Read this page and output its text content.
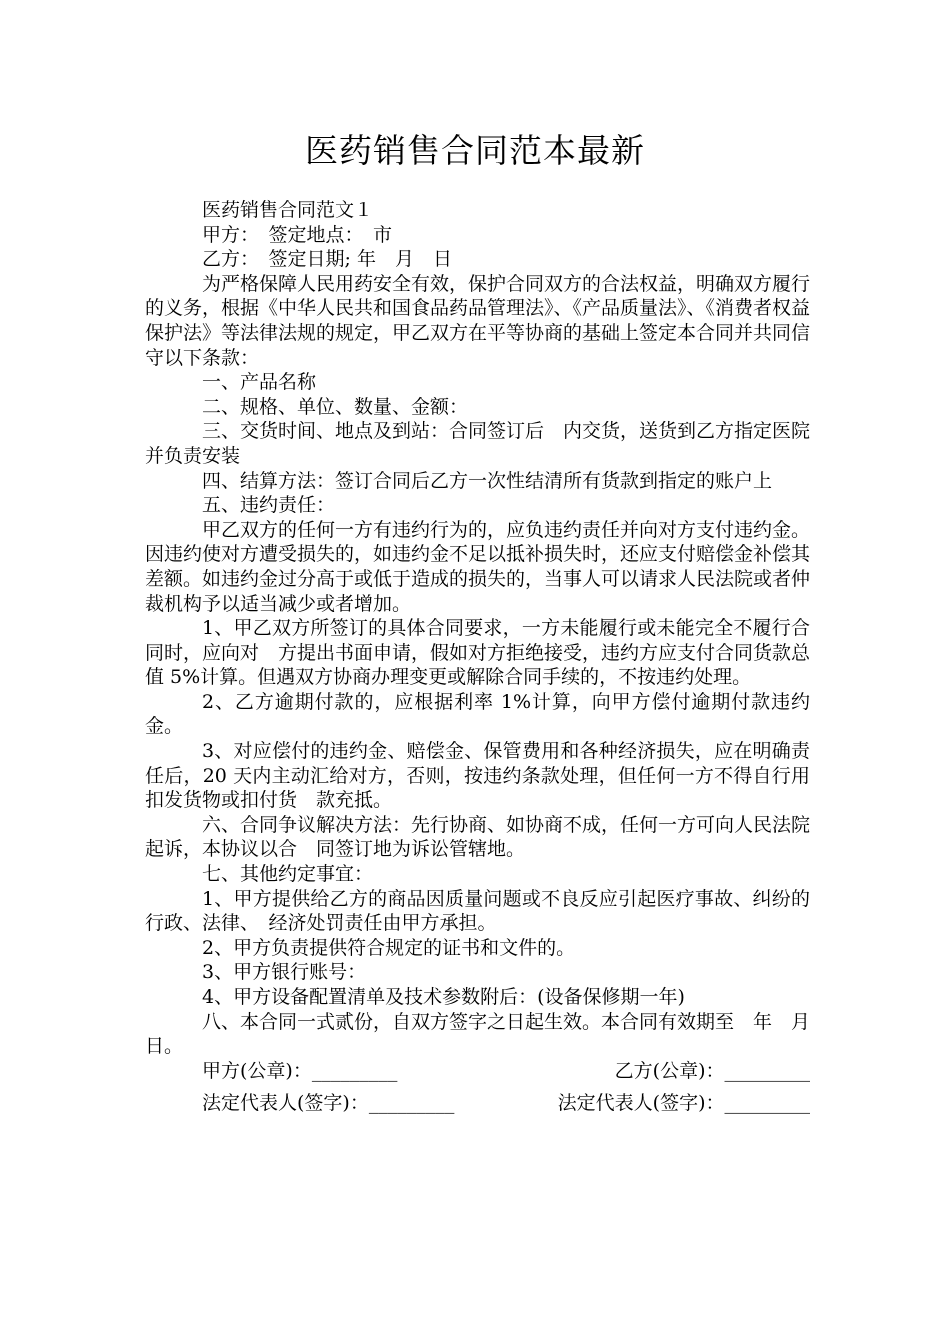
医药销售合同范本最新

医药销售合同范文１

甲方：　签定地点：　市

乙方：　签定日期; 年　月　日

为严格保障人民用药安全有效，保护合同双方的合法权益，明确双方履行的义务，根据《中华人民共和国食品药品管理法》、《产品质量法》、《消费者权益保护法》等法律法规的规定，甲乙双方在平等协商的基础上签定本合同并共同信守以下条款：

一、产品名称

二、规格、单位、数量、金额：

三、交货时间、地点及到站：合同签订后　内交货，送货到乙方指定医院并负责安装

四、结算方法：签订合同后乙方一次性结清所有货款到指定的账户上

五、违约责任：

甲乙双方的任何一方有违约行为的，应负违约责任并向对方支付违约金。因违约使对方遭受损失的，如违约金不足以抵补损失时，还应支付赔偿金补偿其差额。如违约金过分高于或低于造成的损失的，当事人可以请求人民法院或者仲裁机构予以适当减少或者增加。

1、甲乙双方所签订的具体合同要求，一方未能履行或未能完全不履行合同时，应向对　方提出书面申请，假如对方拒绝接受，违约方应支付合同货款总值 5%计算。但遇双方协商办理变更或解除合同手续的，不按违约处理。

2、乙方逾期付款的，应根据利率 1%计算，向甲方偿付逾期付款违约金。

3、对应偿付的违约金、赔偿金、保管费用和各种经济损失，应在明确责任后，20 天内主动汇给对方，否则，按违约条款处理，但任何一方不得自行用扣发货物或扣付货　款充抵。

六、合同争议解决方法：先行协商、如协商不成，任何一方可向人民法院起诉，本协议以合　同签订地为诉讼管辖地。

七、其他约定事宜：

1、甲方提供给乙方的商品因质量问题或不良反应引起医疗事故、纠纷的行政、法律、　经济处罚责任由甲方承担。

2、甲方负责提供符合规定的证书和文件的。

3、甲方银行账号：

4、甲方设备配置清单及技术参数附后：(设备保修期一年)

八、本合同一式贰份，自双方签字之日起生效。本合同有效期至　年　月　日。

甲方(公章)：_________	乙方(公章)：_________
法定代表人(签字)：_________	法定代表人(签字)：_________
